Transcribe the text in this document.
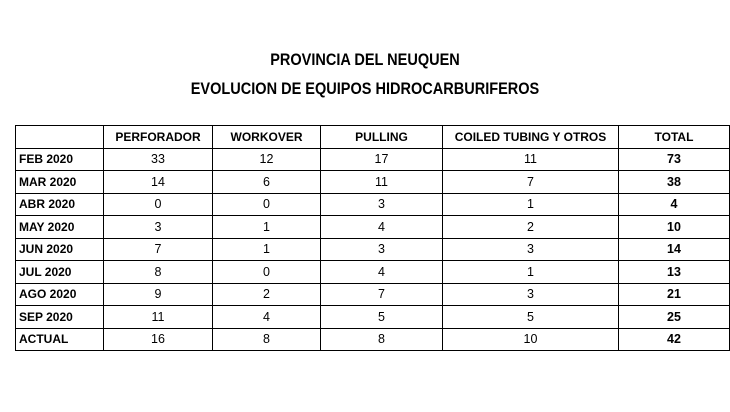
PROVINCIA DEL NEUQUEN
EVOLUCION DE EQUIPOS HIDROCARBURIFEROS
	PERFORADOR	WORKOVER	PULLING	COILED TUBING Y OTROS	TOTAL
FEB 2020	33	12	17	11	73
MAR 2020	14	6	11	7	38
ABR 2020	0	0	3	1	4
MAY 2020	3	1	4	2	10
JUN 2020	7	1	3	3	14
JUL 2020	8	0	4	1	13
AGO 2020	9	2	7	3	21
SEP 2020	11	4	5	5	25
ACTUAL	16	8	8	10	42
